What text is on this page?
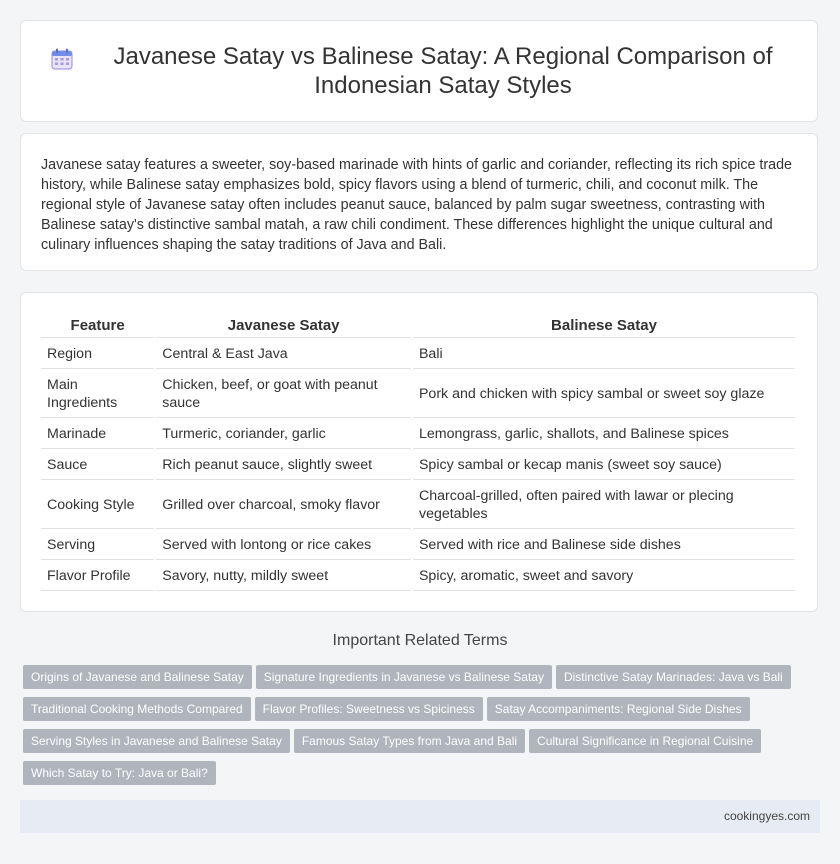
Javanese Satay vs Balinese Satay: A Regional Comparison of Indonesian Satay Styles

Javanese satay features a sweeter, soy-based marinade with hints of garlic and coriander, reflecting its rich spice trade history, while Balinese satay emphasizes bold, spicy flavors using a blend of turmeric, chili, and coconut milk. The regional style of Javanese satay often includes peanut sauce, balanced by palm sugar sweetness, contrasting with Balinese satay's distinctive sambal matah, a raw chili condiment. These differences highlight the unique cultural and culinary influences shaping the satay traditions of Java and Bali.

Feature	Javanese Satay	Balinese Satay
Region	Central & East Java	Bali
Main Ingredients	Chicken, beef, or goat with peanut sauce	Pork and chicken with spicy sambal or sweet soy glaze
Marinade	Turmeric, coriander, garlic	Lemongrass, garlic, shallots, and Balinese spices
Sauce	Rich peanut sauce, slightly sweet	Spicy sambal or kecap manis (sweet soy sauce)
Cooking Style	Grilled over charcoal, smoky flavor	Charcoal-grilled, often paired with lawar or plecing vegetables
Serving	Served with lontong or rice cakes	Served with rice and Balinese side dishes
Flavor Profile	Savory, nutty, mildly sweet	Spicy, aromatic, sweet and savory
Important Related Terms
Origins of Javanese and Balinese Satay Signature Ingredients in Javanese vs Balinese Satay Distinctive Satay Marinades: Java vs Bali
Traditional Cooking Methods Compared Flavor Profiles: Sweetness vs Spiciness Satay Accompaniments: Regional Side Dishes
Serving Styles in Javanese and Balinese Satay Famous Satay Types from Java and Bali Cultural Significance in Regional Cuisine
Which Satay to Try: Java or Bali?
cookingyes.com
